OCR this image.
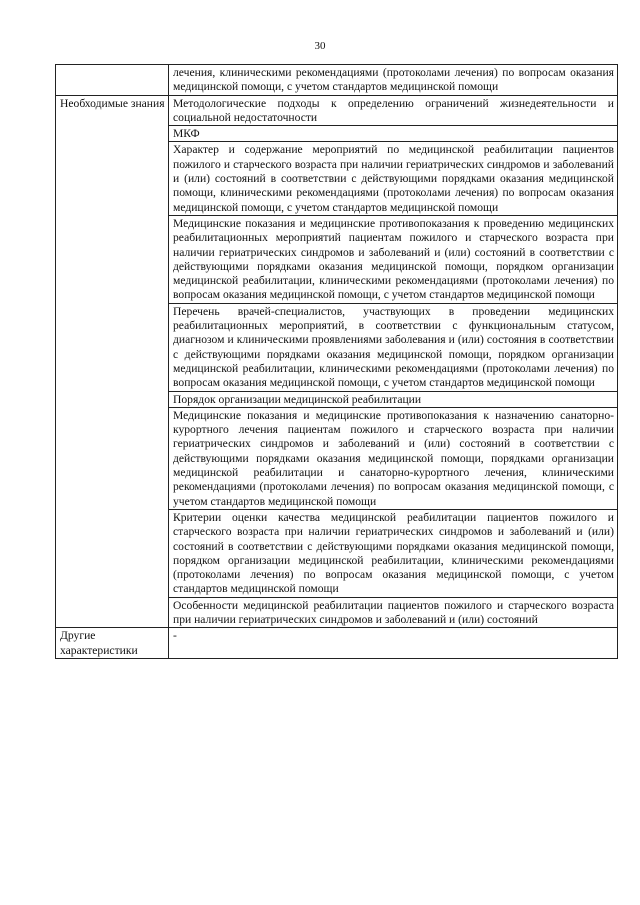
30
	лечения, клиническими рекомендациями (протоколами лечения) по вопросам оказания медицинской помощи, с учетом стандартов медицинской помощи
Необходимые знания	Методологические подходы к определению ограничений жизнедеятельности и социальной недостаточности
	МКФ
	Характер и содержание мероприятий по медицинской реабилитации пациентов пожилого и старческого возраста при наличии гериатрических синдромов и заболеваний и (или) состояний в соответствии с действующими порядками оказания медицинской помощи, клиническими рекомендациями (протоколами лечения) по вопросам оказания медицинской помощи, с учетом стандартов медицинской помощи
	Медицинские показания и медицинские противопоказания к проведению медицинских реабилитационных мероприятий пациентам пожилого и старческого возраста при наличии гериатрических синдромов и заболеваний и (или) состояний в соответствии с действующими порядками оказания медицинской помощи, порядком организации медицинской реабилитации, клиническими рекомендациями (протоколами лечения) по вопросам оказания медицинской помощи, с учетом стандартов медицинской помощи
	Перечень врачей-специалистов, участвующих в проведении медицинских реабилитационных мероприятий, в соответствии с функциональным статусом, диагнозом и клиническими проявлениями заболевания и (или) состояния в соответствии с действующими порядками оказания медицинской помощи, порядком организации медицинской реабилитации, клиническими рекомендациями (протоколами лечения) по вопросам оказания медицинской помощи, с учетом стандартов медицинской помощи
	Порядок организации медицинской реабилитации
	Медицинские показания и медицинские противопоказания к назначению санаторно-курортного лечения пациентам пожилого и старческого возраста при наличии гериатрических синдромов и заболеваний и (или) состояний в соответствии с действующими порядками оказания медицинской помощи, порядками организации медицинской реабилитации и санаторно-курортного лечения, клиническими рекомендациями (протоколами лечения) по вопросам оказания медицинской помощи, с учетом стандартов медицинской помощи
	Критерии оценки качества медицинской реабилитации пациентов пожилого и старческого возраста при наличии гериатрических синдромов и заболеваний и (или) состояний в соответствии с действующими порядками оказания медицинской помощи, порядком организации медицинской реабилитации, клиническими рекомендациями (протоколами лечения) по вопросам оказания медицинской помощи, с учетом стандартов медицинской помощи
	Особенности медицинской реабилитации пациентов пожилого и старческого возраста при наличии гериатрических синдромов и заболеваний и (или) состояний
Другие характеристики	-
